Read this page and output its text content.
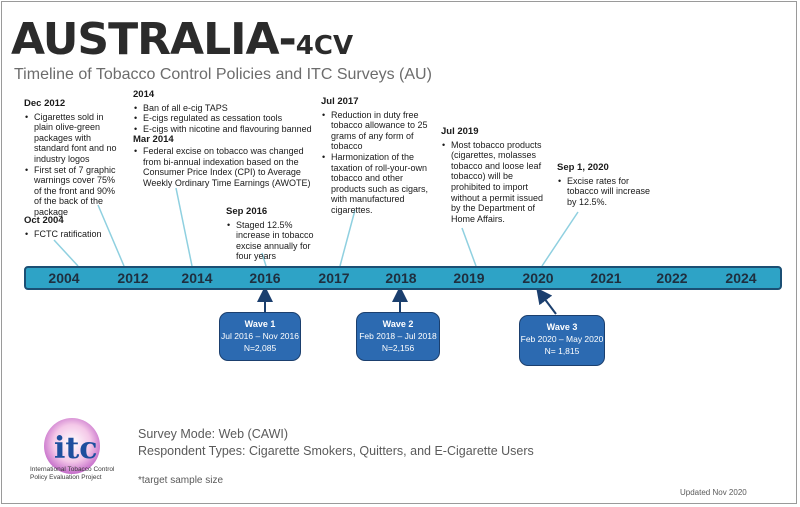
AUSTRALIA-4CV
Timeline of Tobacco Control Policies and ITC Surveys (AU)
Dec 2012
• Cigarettes sold in plain olive-green packages with standard font and no industry logos
• First set of 7 graphic warnings cover 75% of the front and 90% of the back of the package
Oct 2004
• FCTC ratification
2014
• Ban of all e-cig TAPS
• E-cigs regulated as cessation tools
• E-cigs with nicotine and flavouring banned
Mar 2014
• Federal excise on tobacco was changed from bi-annual indexation based on the Consumer Price Index (CPI) to Average Weekly Ordinary Time Earnings (AWOTE)
Sep 2016
• Staged 12.5% increase in tobacco excise annually for four years
Jul 2017
• Reduction in duty free tobacco allowance to 25 grams of any form of tobacco
• Harmonization of the taxation of roll-your-own tobacco and other products such as cigars, with manufactured cigarettes.
Jul 2019
• Most tobacco products (cigarettes, molasses tobacco and loose leaf tobacco) will be prohibited to import without a permit issued by the Department of Home Affairs.
Sep 1, 2020
• Excise rates for tobacco will increase by 12.5%.
2004	2012	2014	2016	2017	2018	2019	2020	2021	2022	2024
Wave 1
Jul 2016 – Nov 2016
N=2,085
Wave 2
Feb 2018 – Jul 2018
N=2,156
Wave 3
Feb 2020 – May 2020
N= 1,815
itc
International Tobacco Control Policy Evaluation Project
Survey Mode: Web (CAWI)
Respondent Types: Cigarette Smokers, Quitters, and E-Cigarette Users
*target sample size
Updated Nov 2020
